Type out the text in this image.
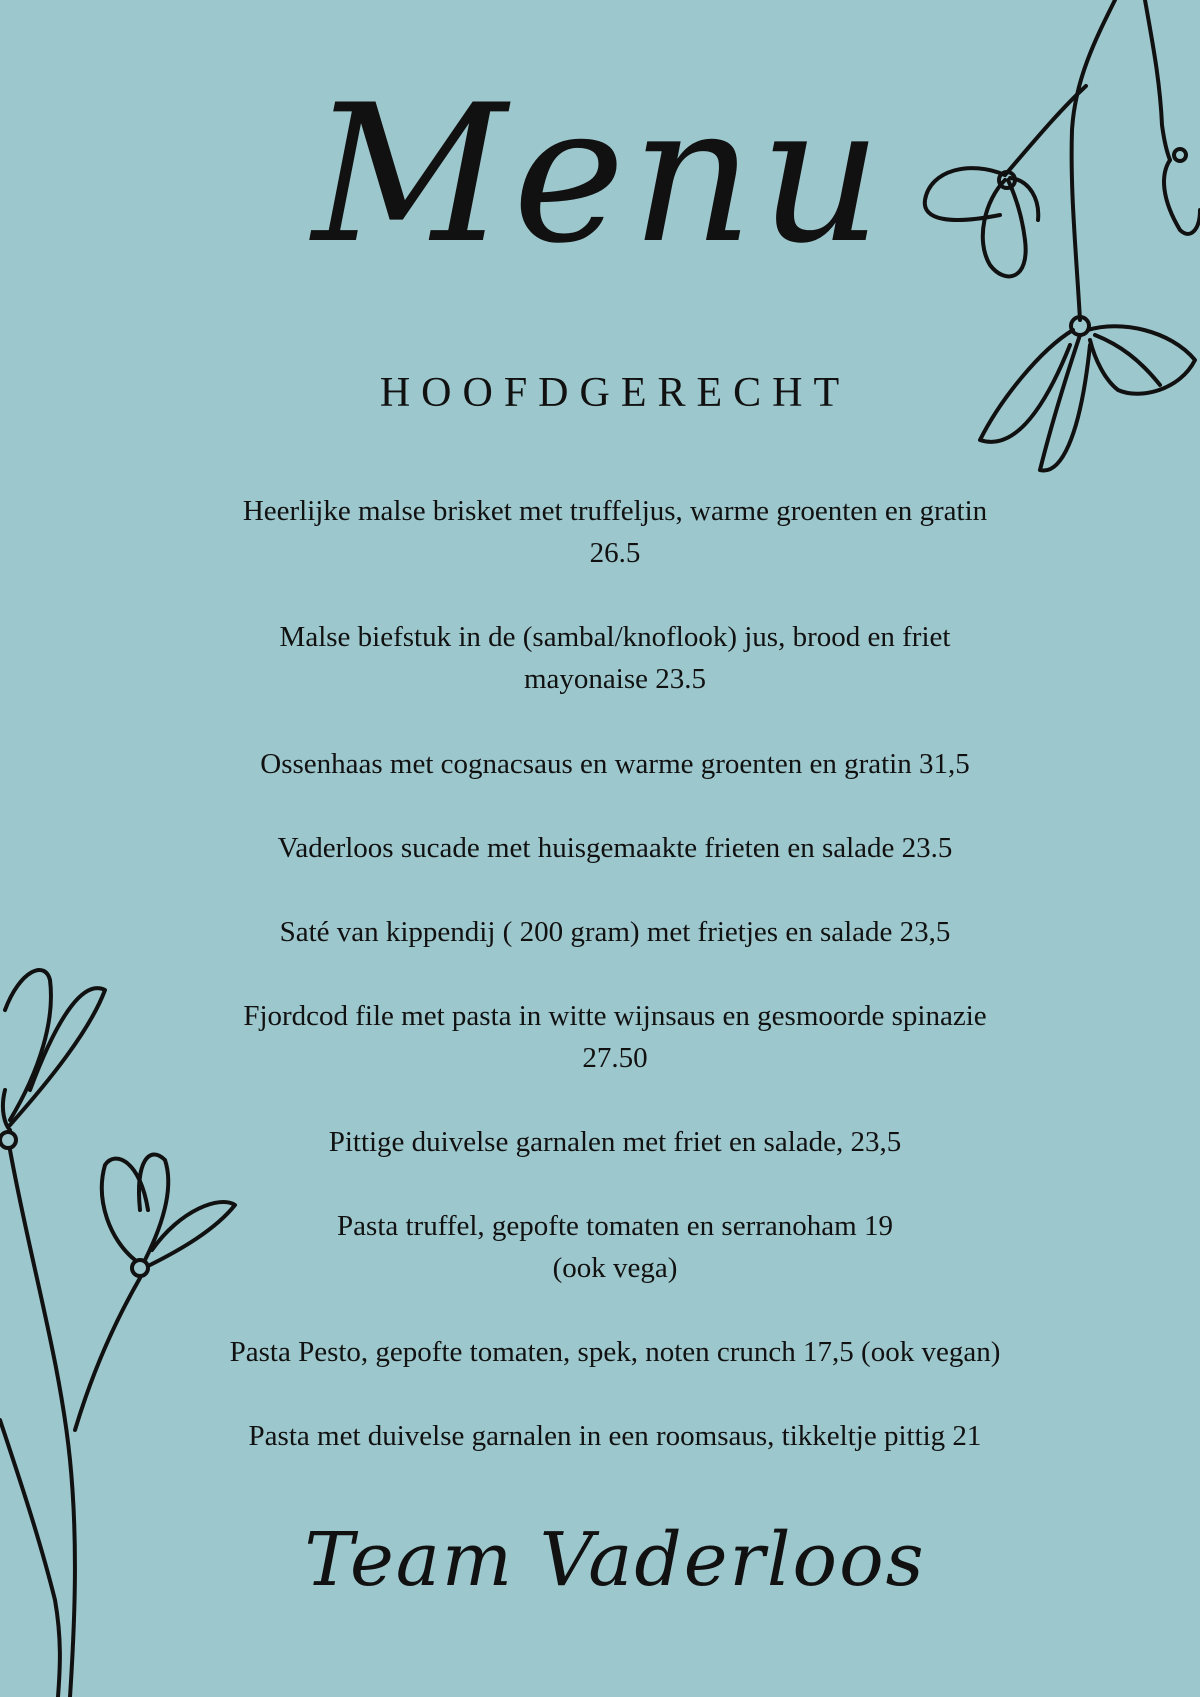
Menu
HOOFDGERECHT
Heerlijke malse brisket met truffeljus, warme groenten en gratin
26.5
Malse biefstuk in de (sambal/knoflook) jus, brood en friet
mayonaise 23.5
Ossenhaas met cognacsaus en warme groenten en gratin 31,5
Vaderloos sucade met huisgemaakte frieten en salade 23.5
Saté van kippendij ( 200 gram) met frietjes en salade 23,5
Fjordcod file met pasta in witte wijnsaus en gesmoorde spinazie
27.50
Pittige duivelse garnalen met friet en salade, 23,5
Pasta truffel, gepofte tomaten en serranoham 19
(ook vega)
Pasta Pesto, gepofte tomaten, spek, noten crunch 17,5 (ook vegan)
Pasta met duivelse garnalen in een roomsaus, tikkeltje pittig 21
Team Vaderloos
